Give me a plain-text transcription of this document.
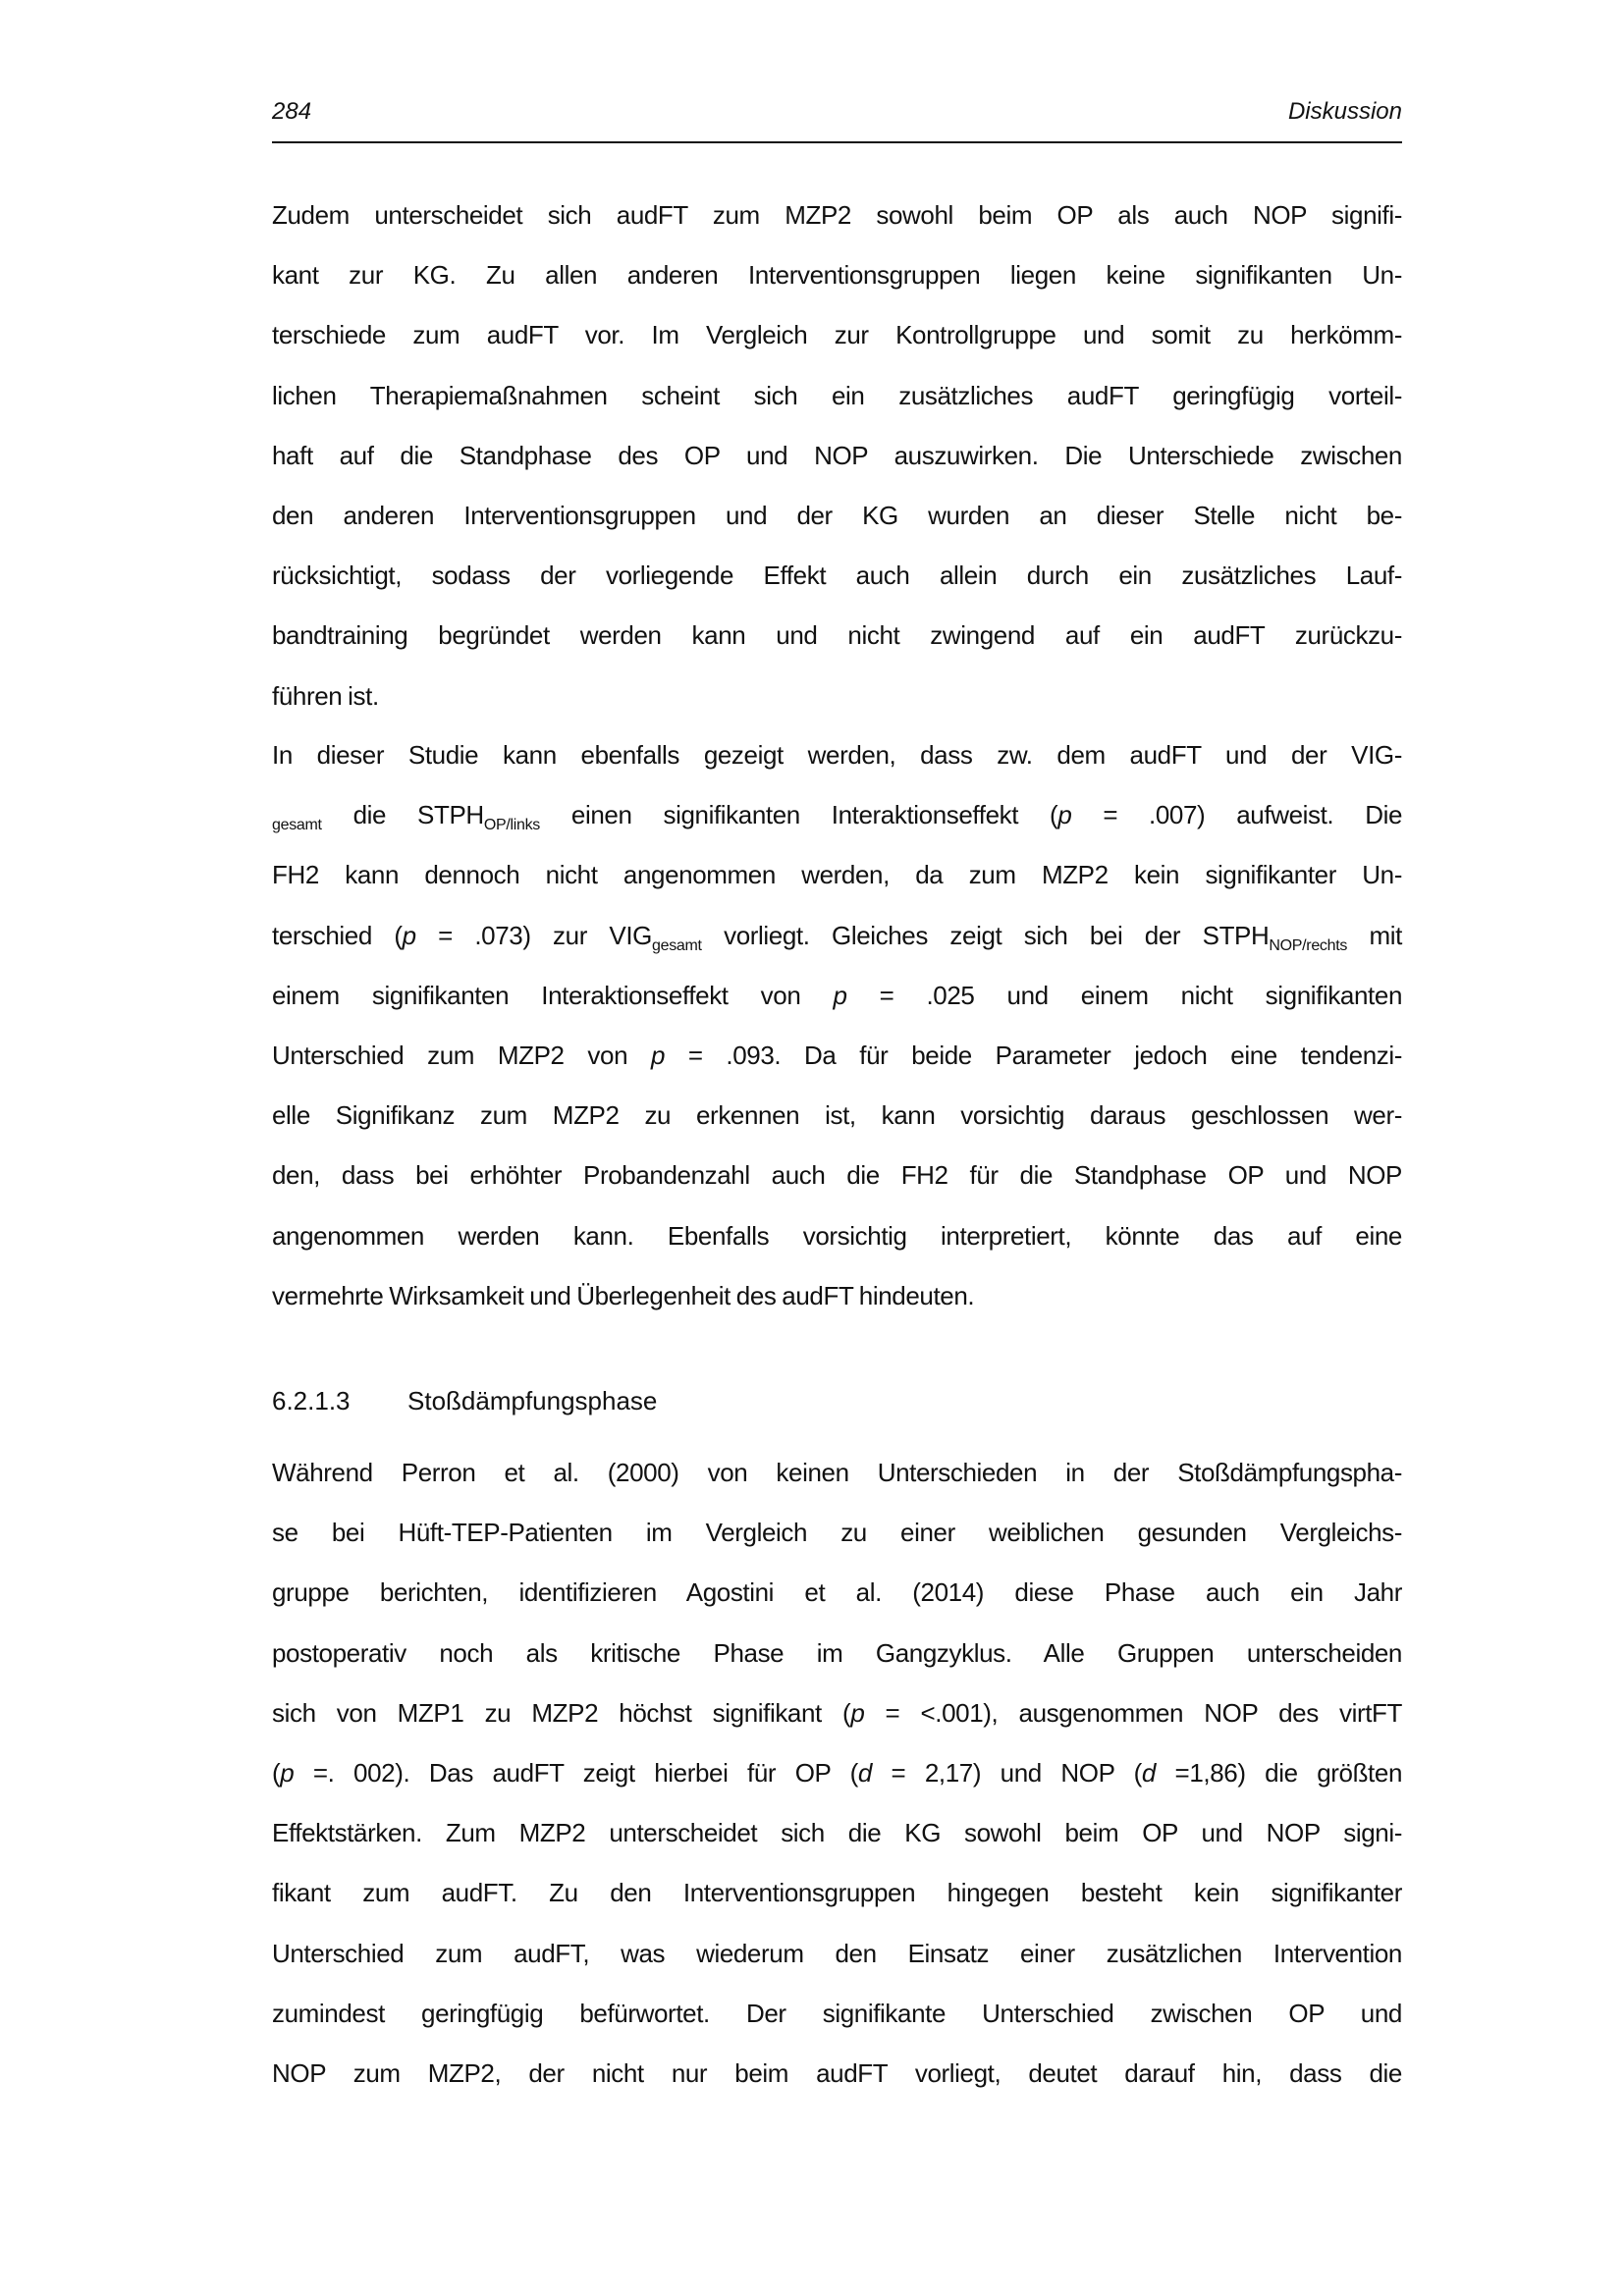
284	Diskussion
6.2.1.3 Stoßdämpfungsphase
Zudem unterscheidet sich audFT zum MZP2 sowohl beim OP als auch NOP signifi-
kant zur KG. Zu allen anderen Interventionsgruppen liegen keine signifikanten Un-
terschiede zum audFT vor. Im Vergleich zur Kontrollgruppe und somit zu herkömm-
lichen Therapiemaßnahmen scheint sich ein zusätzliches audFT geringfügig vorteil-
haft auf die Standphase des OP und NOP auszuwirken. Die Unterschiede zwischen
den anderen Interventionsgruppen und der KG wurden an dieser Stelle nicht be-
rücksichtigt, sodass der vorliegende Effekt auch allein durch ein zusätzliches Lauf-
bandtraining begründet werden kann und nicht zwingend auf ein audFT zurückzu-
führen ist.
In dieser Studie kann ebenfalls gezeigt werden, dass zw. dem audFT und der VIG-
$_{gesamt}$ die $STPH_{OP/links}$ einen signifikanten Interaktionseffekt (p = .007) aufweist. Die
FH2 kann dennoch nicht angenommen werden, da zum MZP2 kein signifikanter Un-
terschied (p = .073) zur $VIG_{gesamt}$ vorliegt. Gleiches zeigt sich bei der $STPH_{NOP/rechts}$ mit
einem signifikanten Interaktionseffekt von p = .025 und einem nicht signifikanten
Unterschied zum MZP2 von p = .093. Da für beide Parameter jedoch eine tendenzi-
elle Signifikanz zum MZP2 zu erkennen ist, kann vorsichtig daraus geschlossen wer-
den, dass bei erhöhter Probandenzahl auch die FH2 für die Standphase OP und NOP
angenommen werden kann. Ebenfalls vorsichtig interpretiert, könnte das auf eine
vermehrte Wirksamkeit und Überlegenheit des audFT hindeuten.
Während Perron et al. (2000) von keinen Unterschieden in der Stoßdämpfungspha-
se bei Hüft-TEP-Patienten im Vergleich zu einer weiblichen gesunden Vergleichs-
gruppe berichten, identifizieren Agostini et al. (2014) diese Phase auch ein Jahr
postoperativ noch als kritische Phase im Gangzyklus. Alle Gruppen unterscheiden
sich von MZP1 zu MZP2 höchst signifikant (p = <.001), ausgenommen NOP des virtFT
(p =. 002). Das audFT zeigt hierbei für OP (d = 2,17) und NOP (d =1,86) die größten
Effektstärken. Zum MZP2 unterscheidet sich die KG sowohl beim OP und NOP signi-
fikant zum audFT. Zu den Interventionsgruppen hingegen besteht kein signifikanter
Unterschied zum audFT, was wiederum den Einsatz einer zusätzlichen Intervention
zumindest geringfügig befürwortet. Der signifikante Unterschied zwischen OP und
NOP zum MZP2, der nicht nur beim audFT vorliegt, deutet darauf hin, dass die
